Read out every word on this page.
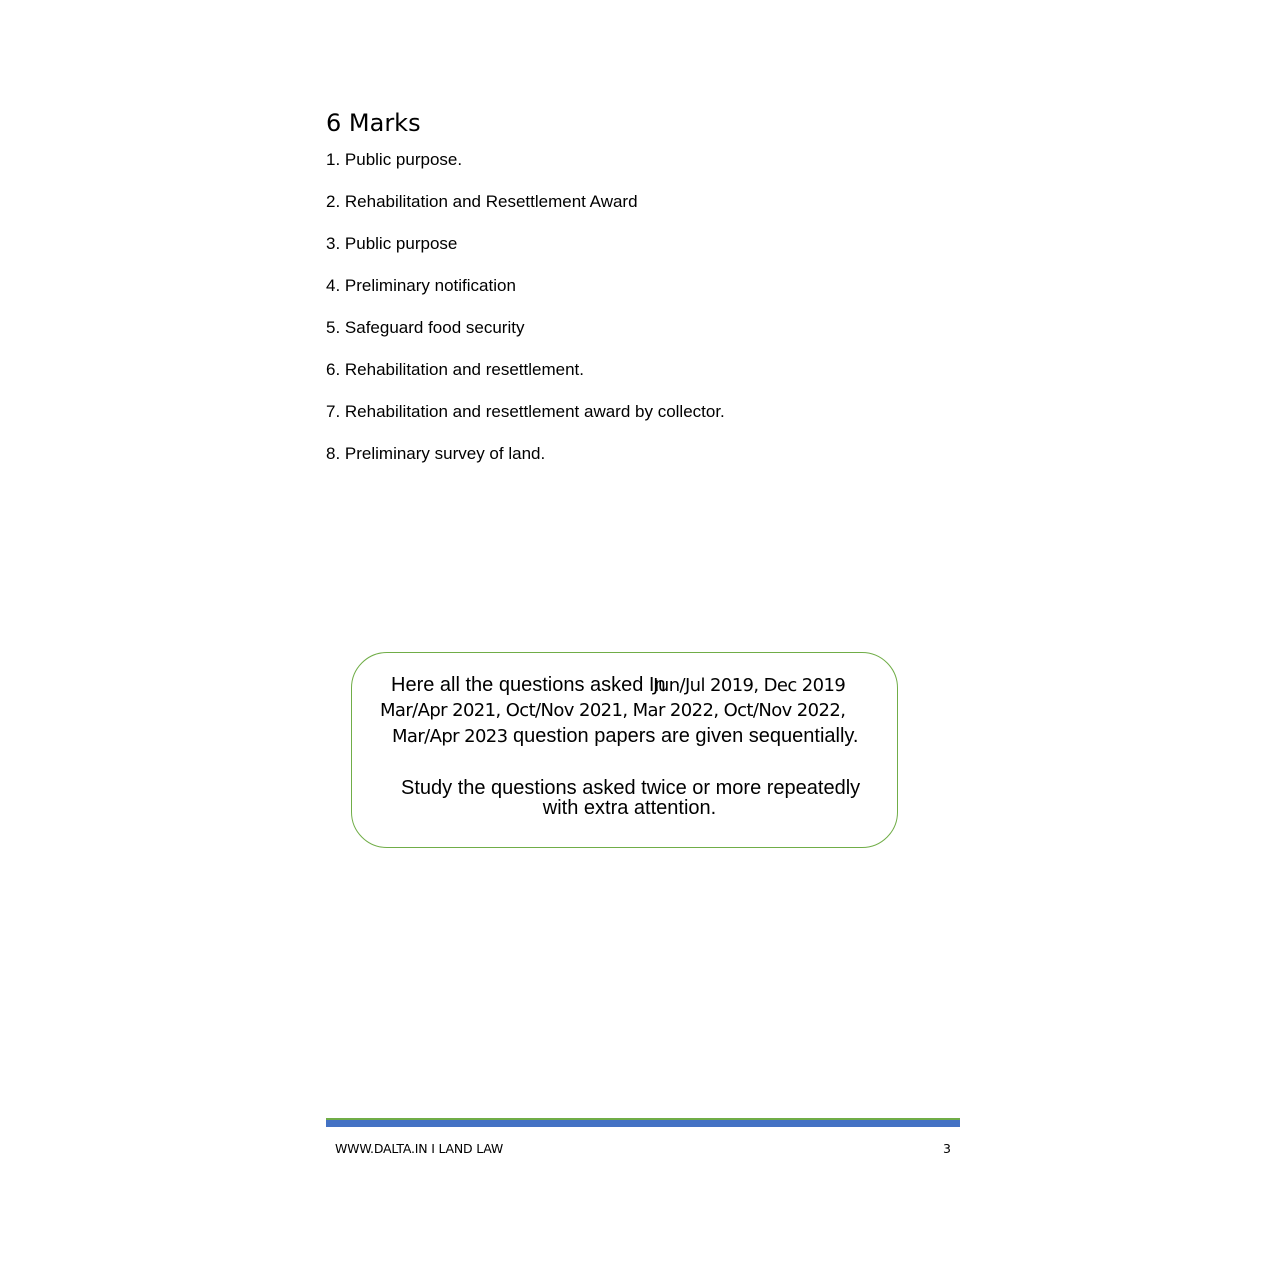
6 Marks
1. Public purpose.
2. Rehabilitation and Resettlement Award
3. Public purpose
4. Preliminary notification
5. Safeguard food security
6. Rehabilitation and resettlement.
7. Rehabilitation and resettlement award by collector.
8. Preliminary survey of land.
Here all the questions asked In Jun/Jul 2019, Dec 2019
Mar/Apr 2021, Oct/Nov 2021, Mar 2022, Oct/Nov 2022,
Mar/Apr 2023 question papers are given sequentially.
Study the questions asked twice or more repeatedly
with extra attention.
WWW.DALTA.IN I LAND LAW	3
